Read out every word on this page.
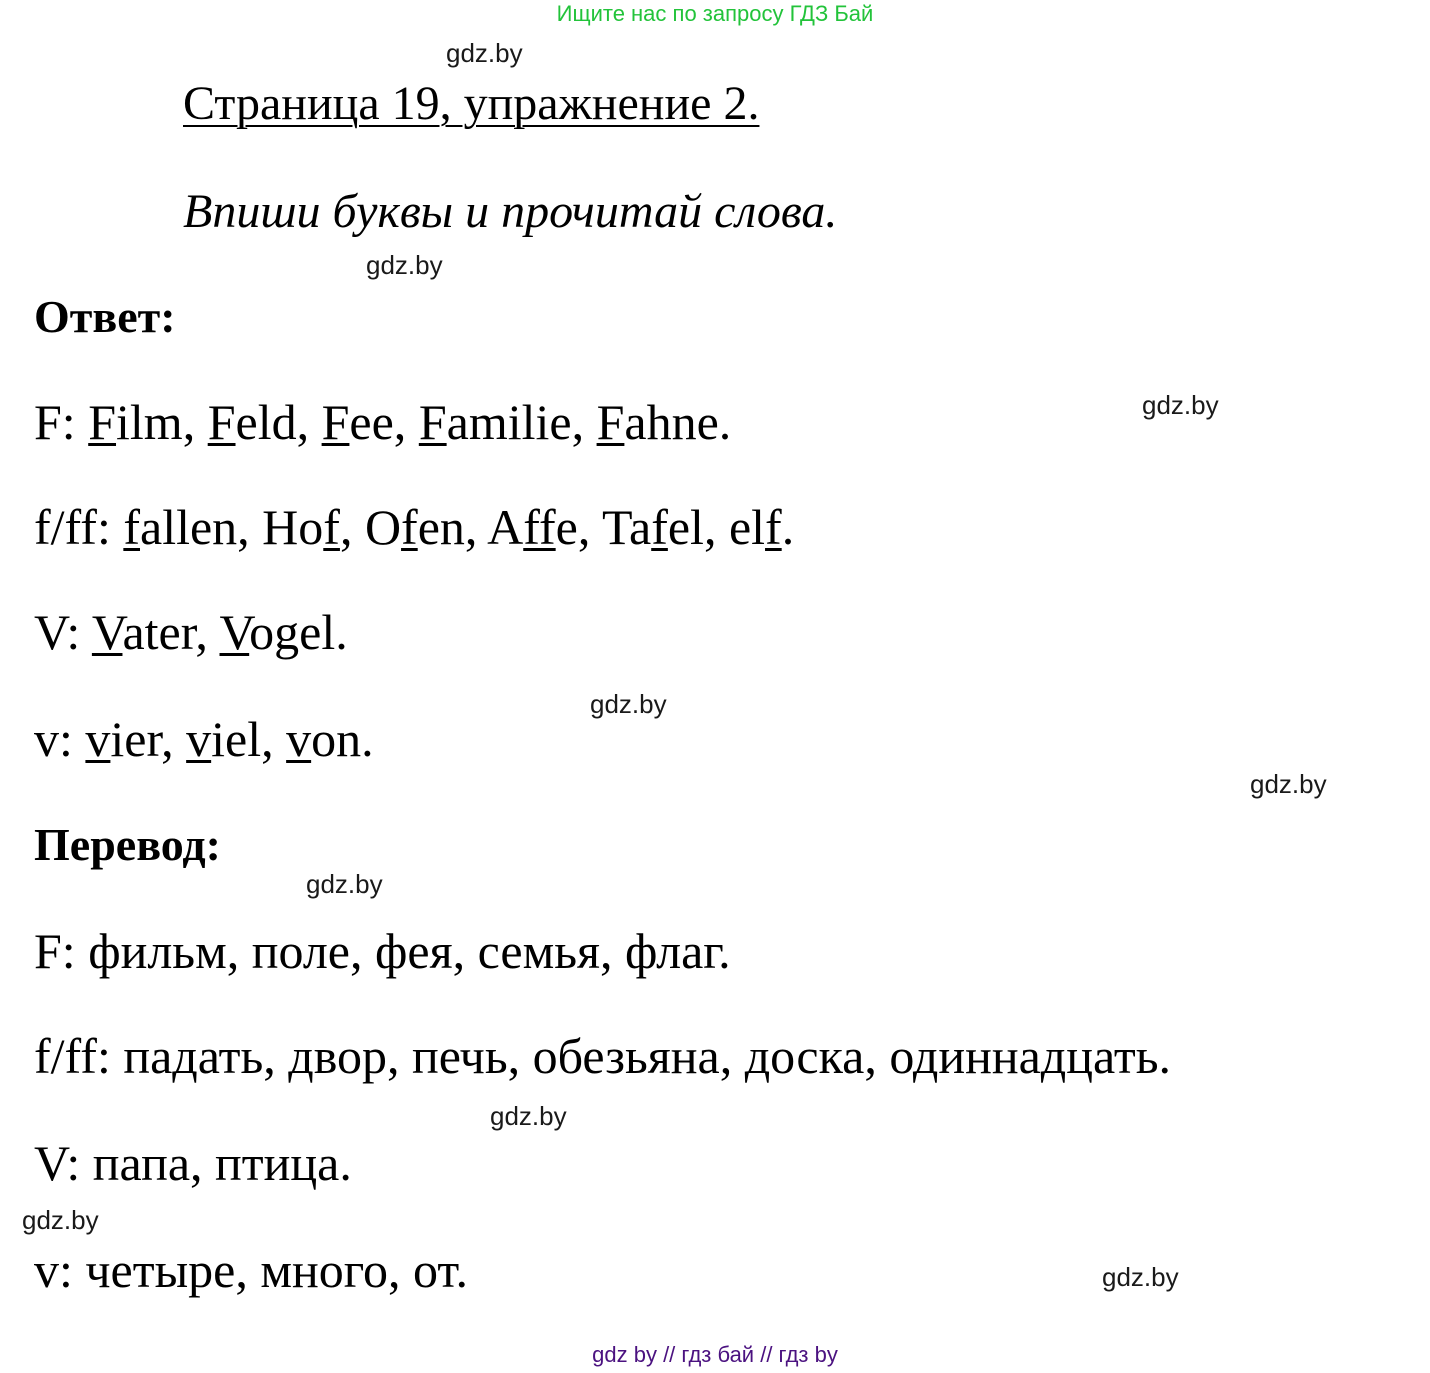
Ищите нас по запросу ГДЗ Бай
gdz.by
Страница 19, упражнение 2.
Впиши буквы и прочитай слова.
gdz.by
Ответ:
gdz.by
F: Film, Feld, Fee, Familie, Fahne.
f/ff: fallen, Hof, Ofen, Affe, Tafel, elf.
V: Vater, Vogel.
gdz.by
v: vier, viel, von.
gdz.by
Перевод:
gdz.by
F: фильм, поле, фея, семья, флаг.
f/ff: падать, двор, печь, обезьяна, доска, одиннадцать.
gdz.by
V: папа, птица.
gdz.by
v: четыре, много, от.	gdz.by
gdz by // гдз бай // гдз by
